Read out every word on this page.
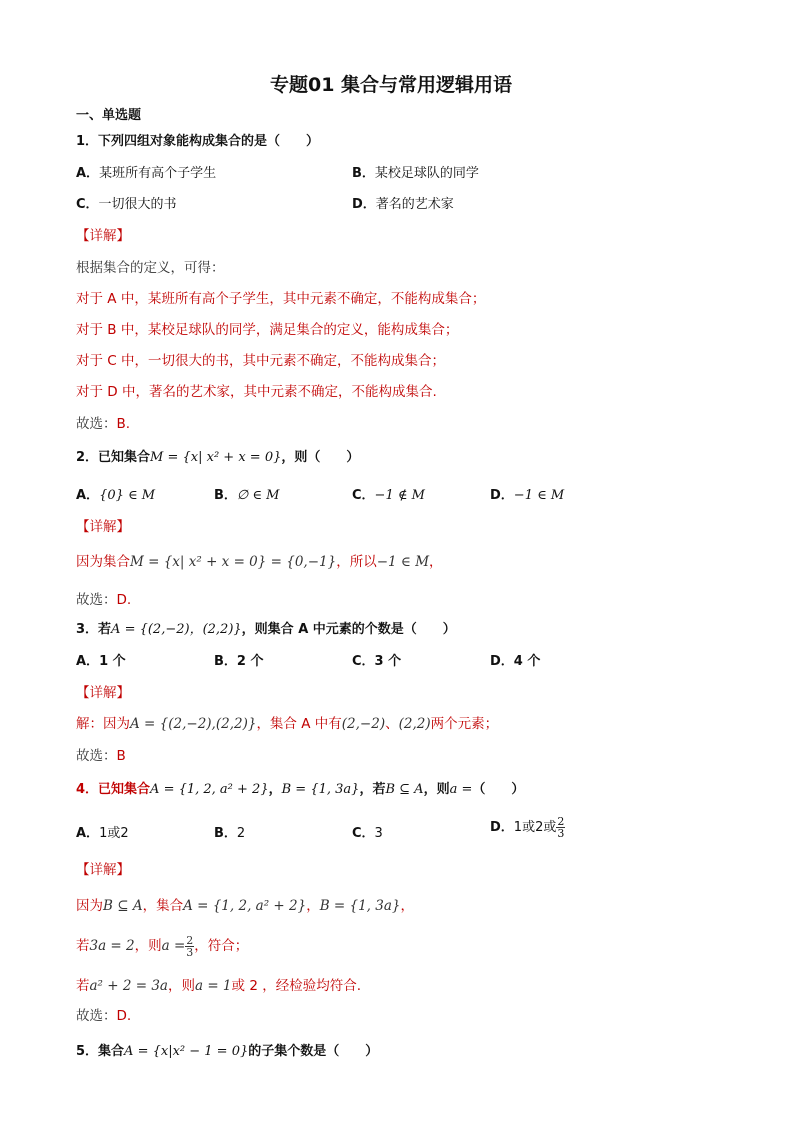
专题01 集合与常用逻辑用语
一、单选题
1．下列四组对象能构成集合的是（　　）
A．某班所有高个子学生	B．某校足球队的同学
C．一切很大的书	D．著名的艺术家
【详解】
根据集合的定义，可得：
对于 A 中，某班所有高个子学生，其中元素不确定，不能构成集合；
对于 B 中，某校足球队的同学，满足集合的定义，能构成集合；
对于 C 中，一切很大的书，其中元素不确定，不能构成集合；
对于 D 中，著名的艺术家，其中元素不确定，不能构成集合.
故选：B.
2．已知集合M = {x| x² + x = 0}，则（　　）
A．{0} ∈ M	B．∅ ∈ M	C．−1 ∉ M	D．−1 ∈ M
【详解】
因为集合M = {x| x² + x = 0} = {0,−1}，所以−1 ∈ M，
故选：D.
3．若A = {(2,−2)，(2,2)}，则集合 A 中元素的个数是（　　）
A．1 个	B．2 个	C．3 个	D．4 个
【详解】
解：因为A = {(2,−2),(2,2)}，集合 A 中有(2,−2)、(2,2)两个元素；
故选：B
4．已知集合A = {1, 2, a² + 2}，B = {1, 3a}，若B ⊆ A，则a =（　　）
A．1或2	B．2	C．3	D．1或2或 $\frac{2}{3}$
【详解】
因为B ⊆ A，集合A = {1, 2, a² + 2}，B = {1, 3a}，
若3a = 2，则$a = \frac{2}{3}$ ，符合；
若a² + 2 = 3a，则a = 1或 2 ，经检验均符合.
故选：D.
5．集合A = {x|x² − 1 = 0}的子集个数是（　　）
